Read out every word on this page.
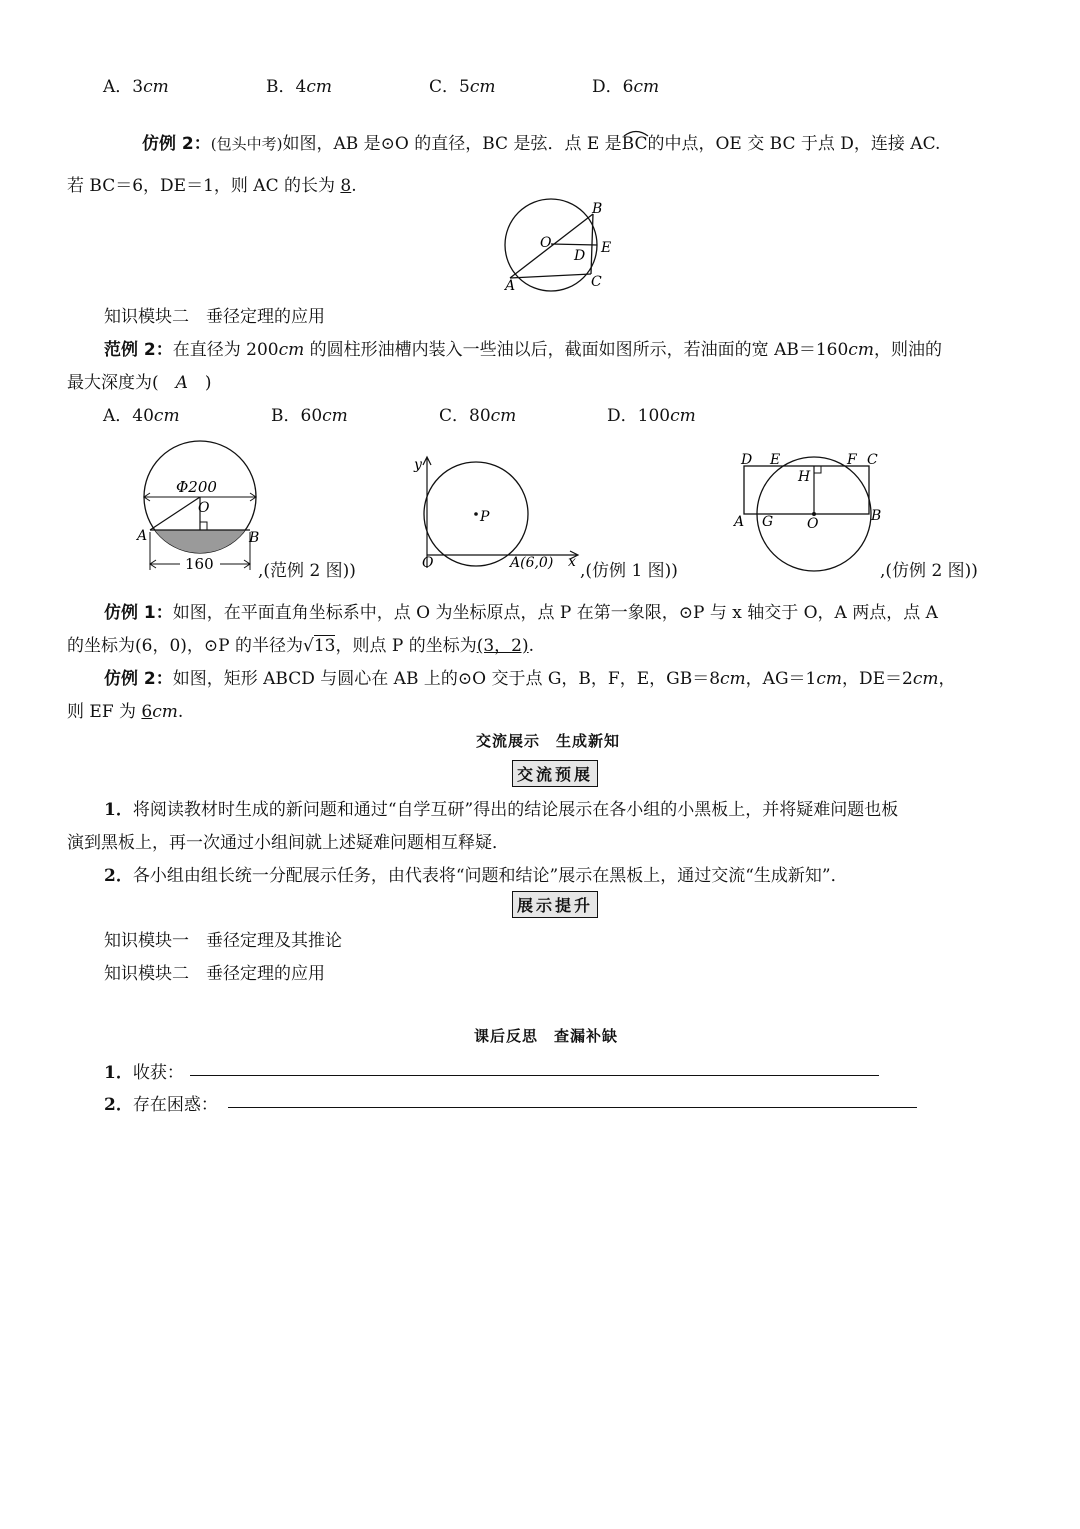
A．3cm	B．4cm	C．5cm	D．6cm
仿例 2：(包头中考)如图，AB 是⊙O 的直径，BC 是弦．点 E 是
BC的中点，OE 交 BC 于点 D，连接 AC.
若 BC＝6，DE＝1，则 AC 的长为 8.
B
O	E
D
A	C
知识模块二　垂径定理的应用
范例 2：在直径为 200cm 的圆柱形油槽内装入一些油以后，截面如图所示，若油面的宽 AB＝160cm，则油的
最大深度为(　A　)
A．40cm	B．60cm	C．80cm	D．100cm
Φ200
O
A	B
160	,(范例 2 图))
y
x
P
O	A(6,0) ,(仿例 1 图))
D E	F C
H
A G O	B
,(仿例 2 图))
仿例 1：如图，在平面直角坐标系中，点 O 为坐标原点，点 P 在第一象限，⊙P 与 x 轴交于 O，A 两点，点 A
的坐标为(6，0)，⊙P 的半径为√13，则点 P 的坐标为(3，2).
仿例 2：如图，矩形 ABCD 与圆心在 AB 上的⊙O 交于点 G，B，F，E，GB＝8cm，AG＝1cm，DE＝2cm，
则 EF 为 6cm.
交流展示　生成新知
交流预展
1．将阅读教材时生成的新问题和通过“自学互研”得出的结论展示在各小组的小黑板上，并将疑难问题也板
演到黑板上，再一次通过小组间就上述疑难问题相互释疑．
2．各小组由组长统一分配展示任务，由代表将“问题和结论”展示在黑板上，通过交流“生成新知”．
展示提升
知识模块一　垂径定理及其推论
知识模块二　垂径定理的应用
课后反思　查漏补缺
1．收获：
2．存在困惑：
